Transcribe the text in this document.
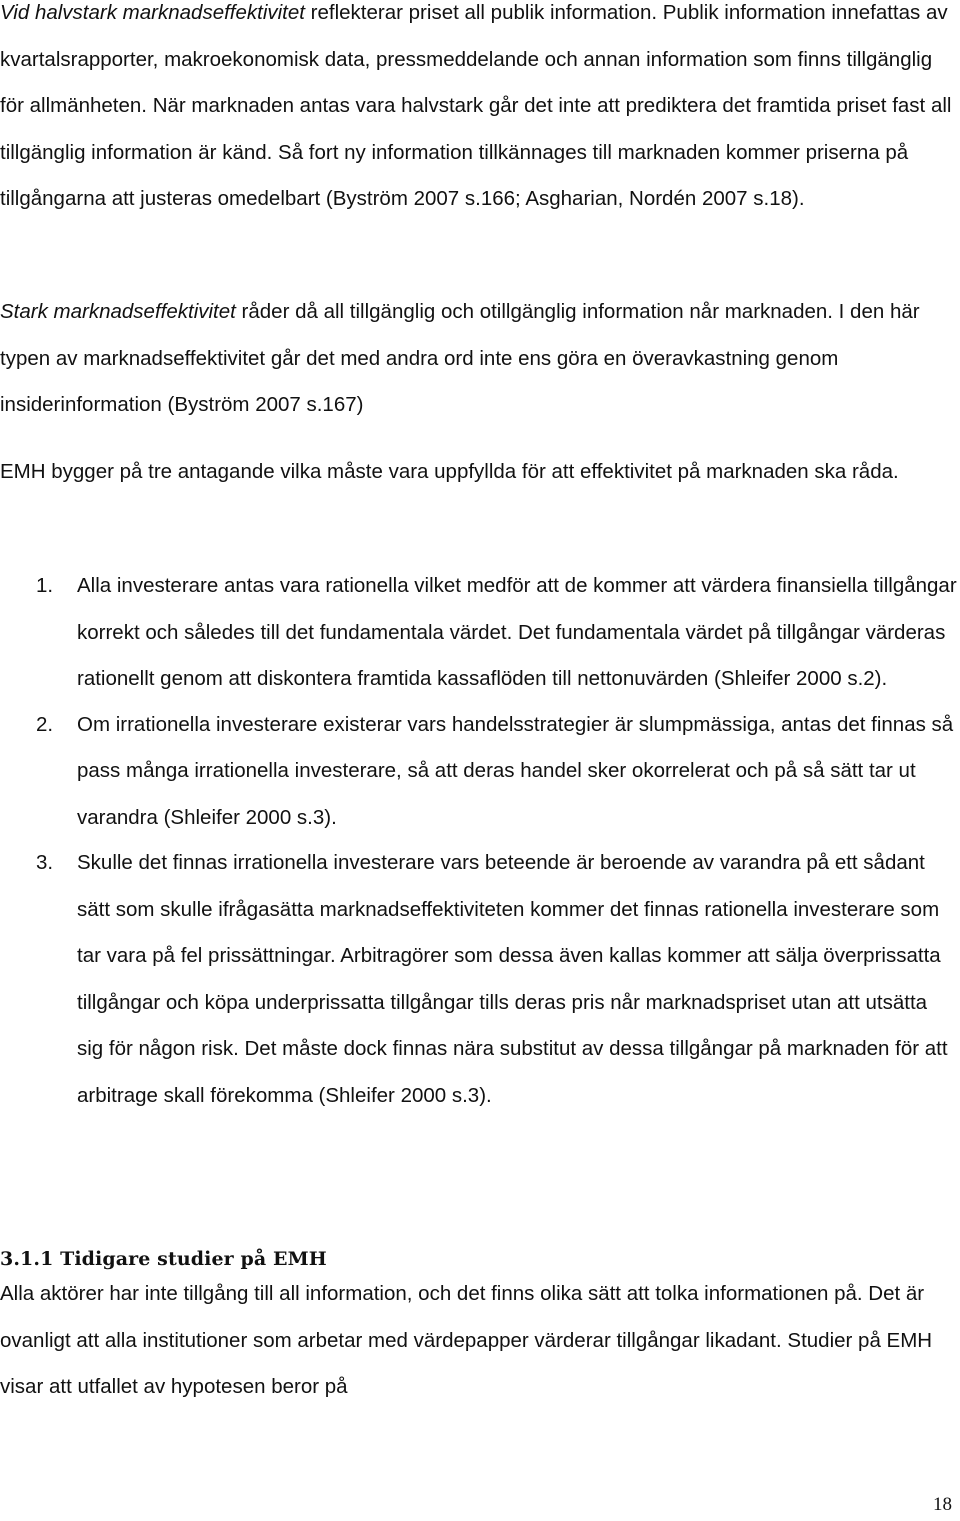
Vid halvstark marknadseffektivitet reflekterar priset all publik information. Publik information innefattas av kvartalsrapporter, makroekonomisk data, pressmeddelande och annan information som finns tillgänglig för allmänheten. När marknaden antas vara halvstark går det inte att prediktera det framtida priset fast all tillgänglig information är känd. Så fort ny information tillkännages till marknaden kommer priserna på tillgångarna att justeras omedelbart (Byström 2007 s.166; Asgharian, Nordén 2007 s.18).

Stark marknadseffektivitet råder då all tillgänglig och otillgänglig information når marknaden. I den här typen av marknadseffektivitet går det med andra ord inte ens göra en överavkastning genom insiderinformation (Byström 2007 s.167)

EMH bygger på tre antagande vilka måste vara uppfyllda för att effektivitet på marknaden ska råda.

1. Alla investerare antas vara rationella vilket medför att de kommer att värdera finansiella tillgångar korrekt och således till det fundamentala värdet. Det fundamentala värdet på tillgångar värderas rationellt genom att diskontera framtida kassaflöden till nettonuvärden (Shleifer 2000 s.2).
2. Om irrationella investerare existerar vars handelsstrategier är slumpmässiga, antas det finnas så pass många irrationella investerare, så att deras handel sker okorrelerat och på så sätt tar ut varandra (Shleifer 2000 s.3).
3. Skulle det finnas irrationella investerare vars beteende är beroende av varandra på ett sådant sätt som skulle ifrågasätta marknadseffektiviteten kommer det finnas rationella investerare som tar vara på fel prissättningar. Arbitragörer som dessa även kallas kommer att sälja överprissatta tillgångar och köpa underprissatta tillgångar tills deras pris når marknadspriset utan att utsätta sig för någon risk. Det måste dock finnas nära substitut av dessa tillgångar på marknaden för att arbitrage skall förekomma (Shleifer 2000 s.3).
3.1.1 Tidigare studier på EMH

Alla aktörer har inte tillgång till all information, och det finns olika sätt att tolka informationen på. Det är ovanligt att alla institutioner som arbetar med värdepapper värderar tillgångar likadant. Studier på EMH visar att utfallet av hypotesen beror på

18
